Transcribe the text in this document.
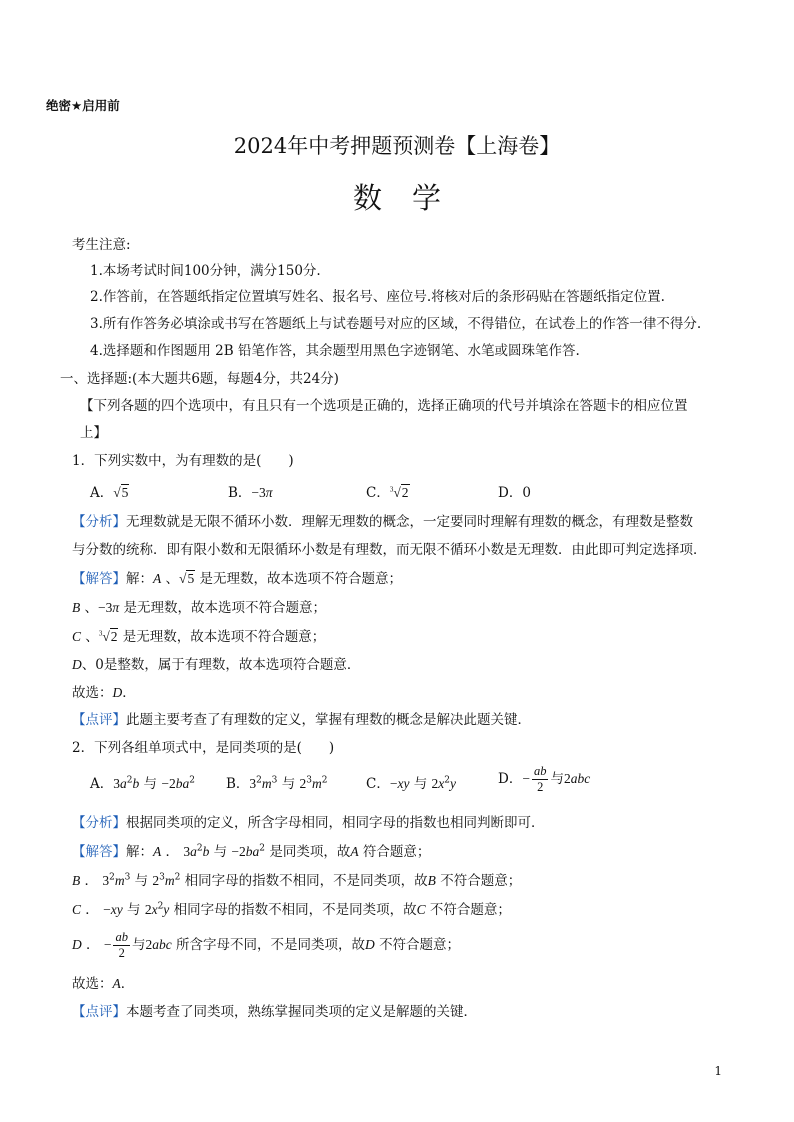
绝密★启用前
2024年中考押题预测卷【上海卷】
数学
考生注意:
1.本场考试时间100分钟，满分150分.
2.作答前，在答题纸指定位置填写姓名、报名号、座位号.将核对后的条形码贴在答题纸指定位置.
3.所有作答务必填涂或书写在答题纸上与试卷题号对应的区域，不得错位，在试卷上的作答一律不得分.
4.选择题和作图题用 2B 铅笔作答，其余题型用黑色字迹钢笔、水笔或圆珠笔作答.
一、选择题:(本大题共6题，每题4分，共24分)
【下列各题的四个选项中，有且只有一个选项是正确的，选择正确项的代号并填涂在答题卡的相应位置
上】
1．下列实数中，为有理数的是(　　)
A．√5	B．−3π	C．$^3$√2	D．0
【分析】无理数就是无限不循环小数．理解无理数的概念，一定要同时理解有理数的概念，有理数是整数
与分数的统称．即有限小数和无限循环小数是有理数，而无限不循环小数是无理数．由此即可判定选择项．
【解答】解：A 、√5 是无理数，故本选项不符合题意；
B 、−3π 是无理数，故本选项不符合题意；
C 、$^3$√2 是无理数，故本选项不符合题意；
D、0是整数，属于有理数，故本选项符合题意．
故选：D．
【点评】此题主要考查了有理数的定义，掌握有理数的概念是解决此题关键．
2．下列各组单项式中，是同类项的是(　　)
A．$3a^2b$ 与 $-2ba^2$ B．$3^2m^3$ 与 $2^3m^2$	C．−xy 与 $2x^2y$	D．− $\frac{ab}{2}$ 与2abc
【分析】根据同类项的定义，所含字母相同，相同字母的指数也相同判断即可．
【解答】解：A ． $3a^2b$ 与 $-2ba^2$ 是同类项，故A 符合题意；
B ． $3^2m^3$ 与 $2^3m^2$ 相同字母的指数不相同，不是同类项，故B 不符合题意；
C ． −xy 与 $2x^2y$ 相同字母的指数不相同，不是同类项，故C 不符合题意；
D ． − $\frac{ab}{2}$ 与2abc 所含字母不同，不是同类项，故D 不符合题意；
故选：A．
【点评】本题考查了同类项，熟练掌握同类项的定义是解题的关键．
1
